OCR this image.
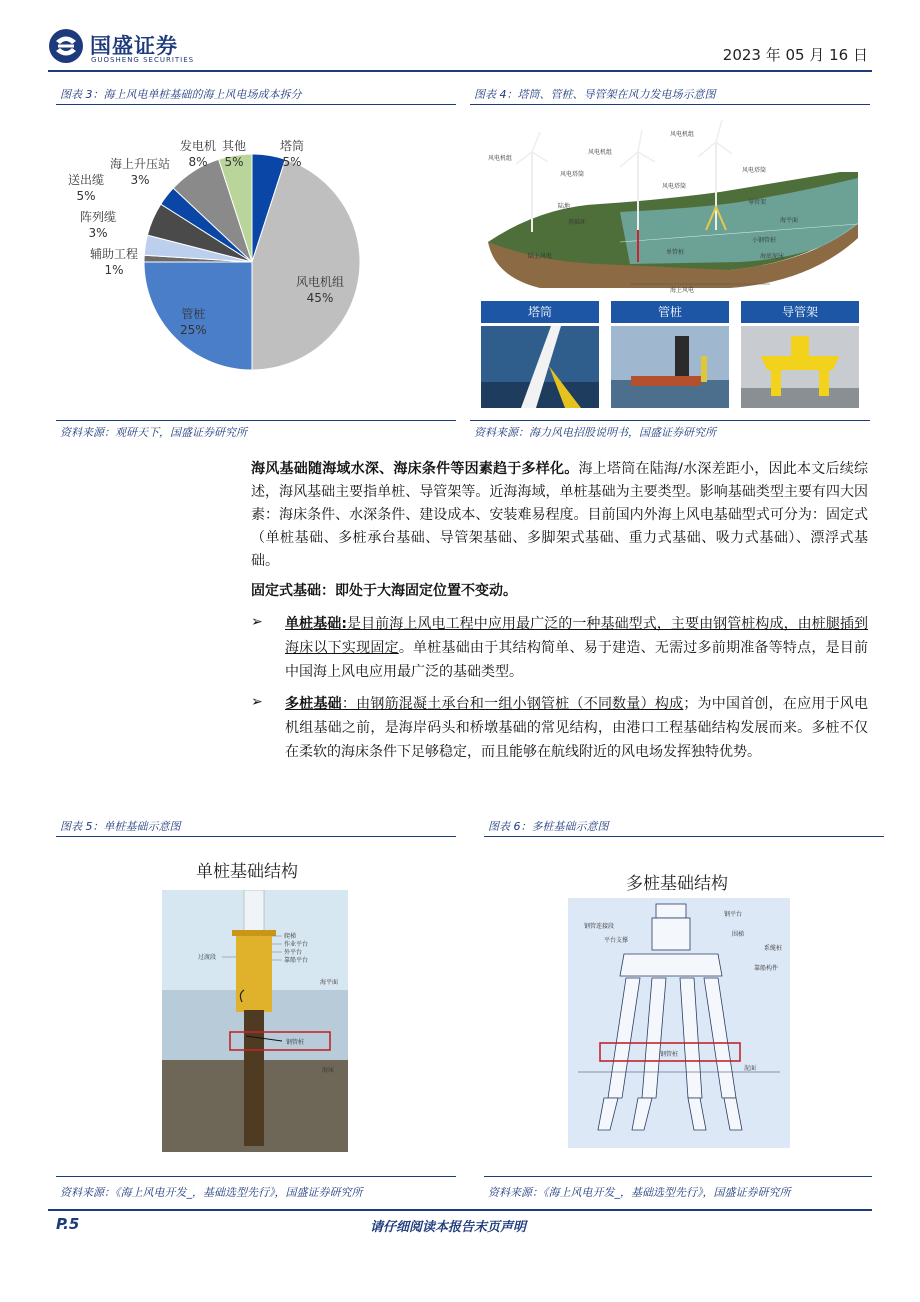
国盛证券
GUOSHENG SECURITIES	2023 年 05 月 16 日
图表 3：海上风电单桩基础的海上风电场成本拆分
塔筒
5%
风电机组
45%
管桩
25%
辅助工程
1%
阵列缆
3%
送出缆
5%
海上升压站
3%
发电机
8%
其他
5%
资料来源：观研天下，国盛证券研究所
图表 4：塔筒、管桩、导管架在风力发电场示意图
风电机组
风电机组
风电机组
风电塔筒
风电塔筒
风电塔筒
陆地
基础环
导管架
海平面
单管桩
小钢管桩
海底泥床
陆上风电
海上风电
塔筒	管桩	导管架
资料来源：海力风电招股说明书，国盛证券研究所
海风基础随海域水深、海床条件等因素趋于多样化。海上塔筒在陆海/水深差距小，因此本文后续综述，海风基础主要指单桩、导管架等。近海海域，单桩基础为主要类型。影响基础类型主要有四大因素：海床条件、水深条件、建设成本、安装难易程度。目前国内外海上风电基础型式可分为：固定式（单桩基础、多桩承台基础、导管架基础、多脚架式基础、重力式基础、吸力式基础）、漂浮式基础。
固定式基础：即处于大海固定位置不变动。
➢ 单桩基础:是目前海上风电工程中应用最广泛的一种基础型式，主要由钢管桩构成，由桩腿插到海床以下实现固定。单桩基础由于其结构简单、易于建造、无需过多前期准备等特点，是目前中国海上风电应用最广泛的基础类型。
➢ 多桩基础：由钢筋混凝土承台和一组小钢管桩（不同数量）构成；为中国首创，在应用于风电机组基础之前，是海岸码头和桥墩基础的常见结构，由港口工程基础结构发展而来。多桩不仅在柔软的海床条件下足够稳定，而且能够在航线附近的风电场发挥独特优势。
图表 5：单桩基础示意图
单桩基础结构
过渡段
爬梯
作业平台
外平台
靠船平台
海平面
钢管桩
海床
资料来源：《海上风电开发_，基础选型先行》，国盛证券研究所
图表 6：多桩基础示意图
多桩基础结构
钢平台
钢管连接段
平台支撑
围梯
系缆桩
靠船构件
钢管桩
泥面
资料来源：《海上风电开发_，基础选型先行》，国盛证券研究所
P.5	请仔细阅读本报告末页声明
